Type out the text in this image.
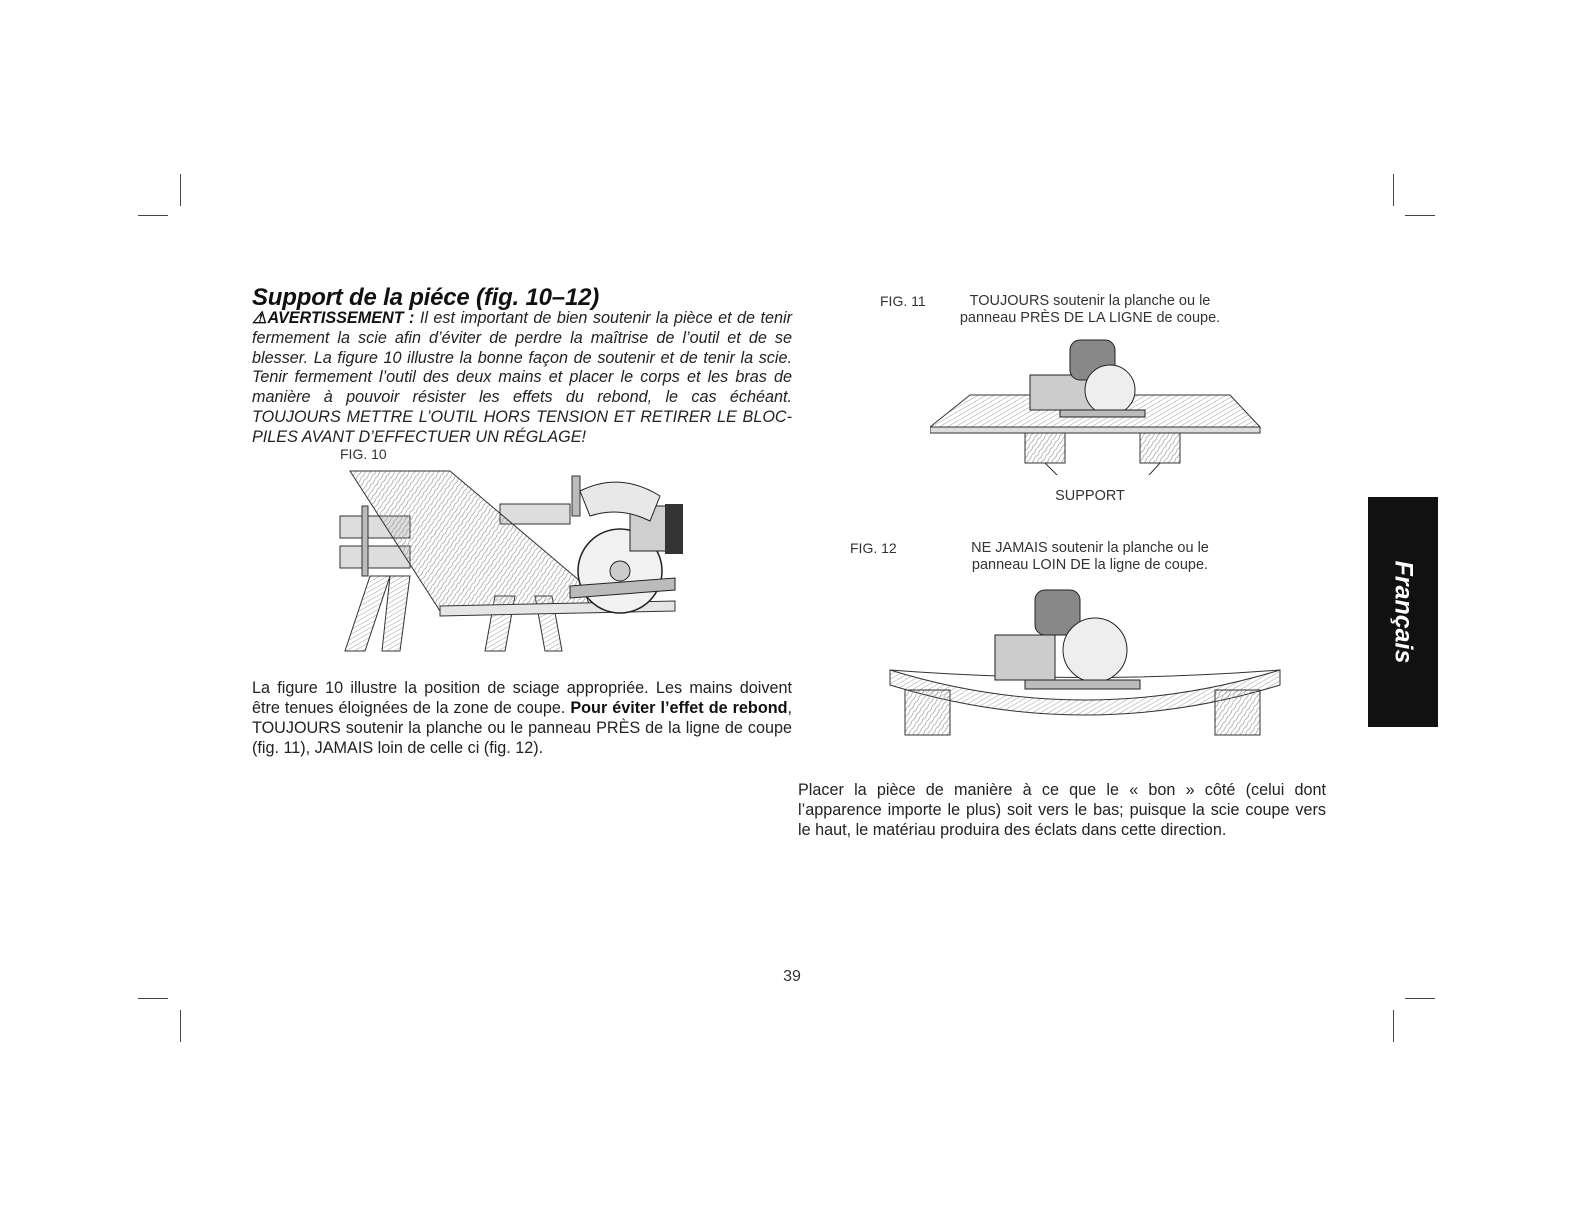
Support de la piéce (fig. 10–12)

⚠AVERTISSEMENT : Il est important de bien soutenir la pièce et de tenir fermement la scie afin d’éviter de perdre la maîtrise de l’outil et de se blesser. La figure 10 illustre la bonne façon de soutenir et de tenir la scie. Tenir fermement l’outil des deux mains et placer le corps et les bras de manière à pouvoir résister les effets du rebond, le cas échéant. TOUJOURS METTRE L’OUTIL HORS TENSION ET RETIRER LE BLOC-PILES AVANT D’EFFECTUER UN RÉGLAGE!

FIG. 10

La figure 10 illustre la position de sciage appropriée. Les mains doivent être tenues éloignées de la zone de coupe. Pour éviter l’effet de rebond, TOUJOURS soutenir la planche ou le panneau PRÈS de la ligne de coupe (fig. 11), JAMAIS loin de celle ci (fig. 12).

FIG. 11	TOUJOURS soutenir la planche ou le
panneau PRÈS DE LA LIGNE de coupe.
SUPPORT
FIG. 12	NE JAMAIS soutenir la planche ou le
panneau LOIN DE la ligne de coupe.

Placer la pièce de manière à ce que le « bon » côté (celui dont l’apparence importe le plus) soit vers le bas; puisque la scie coupe vers le haut, le matériau produira des éclats dans cette direction.

Français
39
